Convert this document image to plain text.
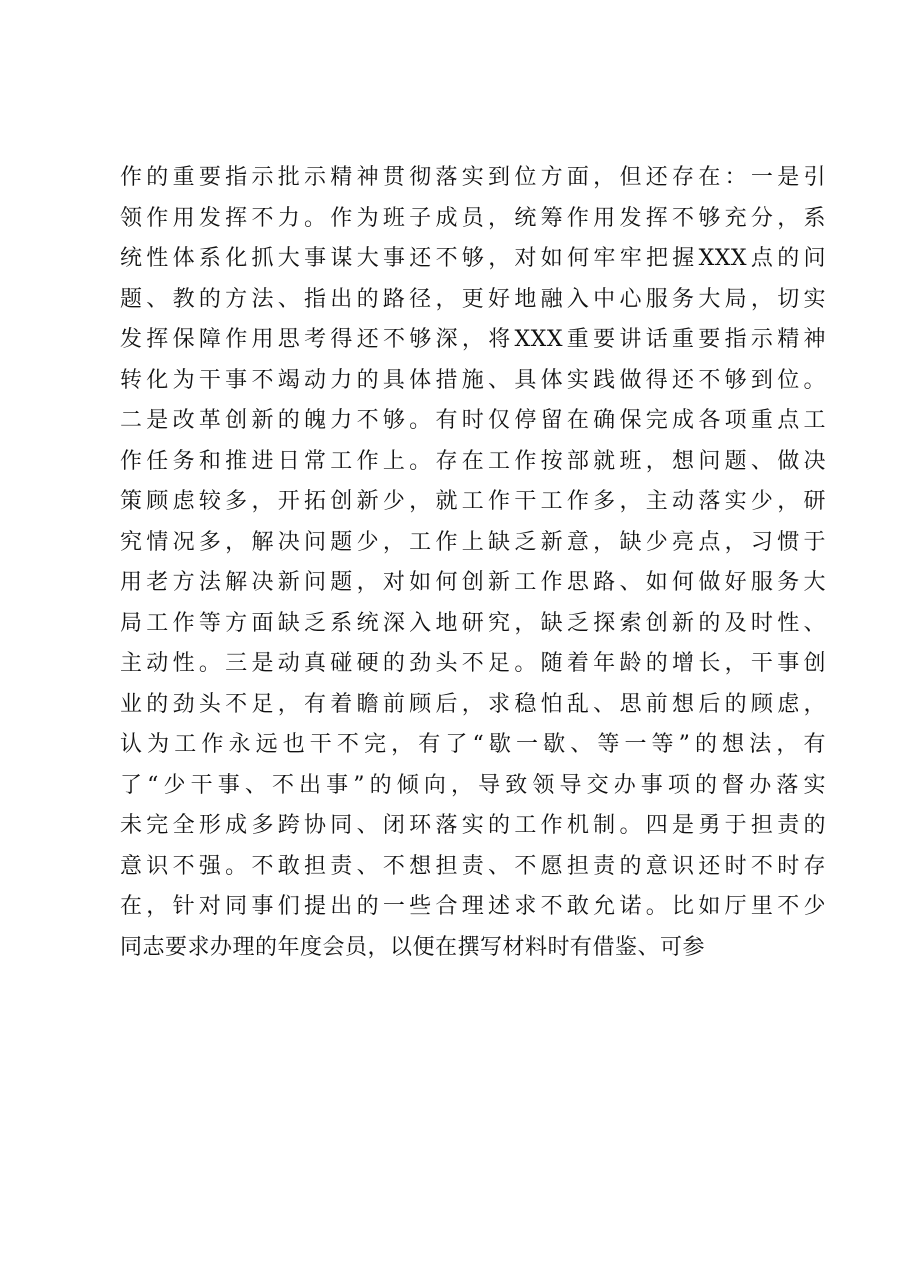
作的重要指示批示精神贯彻落实到位方面，但还存在：一是引
领作用发挥不力。作为班子成员，统筹作用发挥不够充分，系
统性体系化抓大事谋大事还不够，对如何牢牢把握XXX点的问
题、教的方法、指出的路径，更好地融入中心服务大局，切实
发挥保障作用思考得还不够深，将XXX重要讲话重要指示精神
转化为干事不竭动力的具体措施、具体实践做得还不够到位。
二是改革创新的魄力不够。有时仅停留在确保完成各项重点工
作任务和推进日常工作上。存在工作按部就班，想问题、做决
策顾虑较多，开拓创新少，就工作干工作多，主动落实少，研
究情况多，解决问题少，工作上缺乏新意，缺少亮点，习惯于
用老方法解决新问题，对如何创新工作思路、如何做好服务大
局工作等方面缺乏系统深入地研究，缺乏探索创新的及时性、
主动性。三是动真碰硬的劲头不足。随着年龄的增长，干事创
业的劲头不足，有着瞻前顾后，求稳怕乱、思前想后的顾虑，
认为工作永远也干不完，有了“歇一歇、等一等”的想法，有
了“少干事、不出事”的倾向，导致领导交办事项的督办落实
未完全形成多跨协同、闭环落实的工作机制。四是勇于担责的
意识不强。不敢担责、不想担责、不愿担责的意识还时不时存
在，针对同事们提出的一些合理述求不敢允诺。比如厅里不少
同志要求办理的年度会员，以便在撰写材料时有借鉴、可参
